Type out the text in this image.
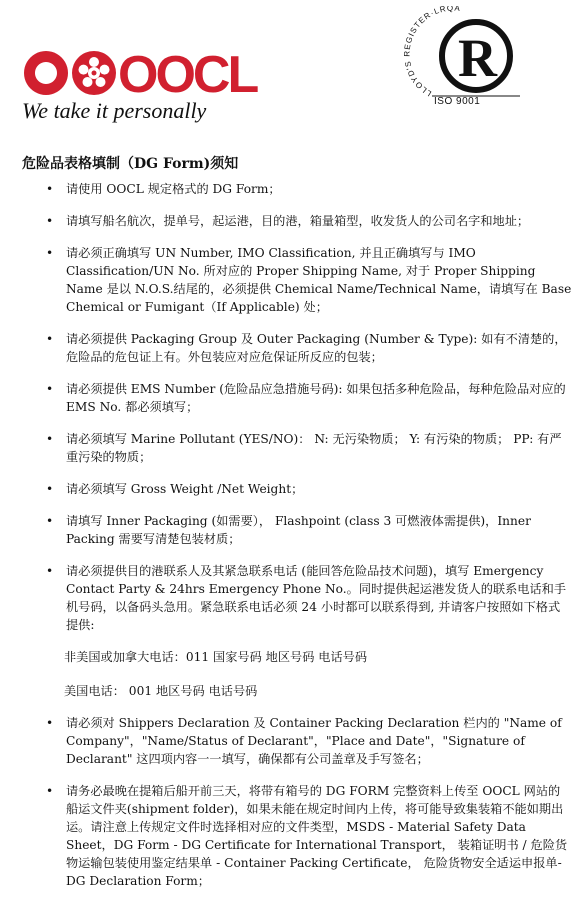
OOCL
We take it personally
LLOYD'S REGISTER·LRQA
R
ISO 9001
危险品表格填制（DG Form)须知
• 请使用 OOCL 规定格式的 DG Form；
• 请填写船名航次，提单号，起运港，目的港，箱量箱型，收发货人的公司名字和地址；
• 请必须正确填写 UN Number, IMO Classification, 并且正确填写与 IMO Classification/UN No. 所对应的 Proper Shipping Name, 对于 Proper Shipping Name 是以 N.O.S.结尾的，必须提供 Chemical Name/Technical Name，请填写在 Base Chemical or Fumigant（If Applicable) 处；
• 请必须提供 Packaging Group 及 Outer Packaging (Number & Type): 如有不清楚的，危险品的危包证上有。外包装应对应危保证所反应的包装；
• 请必须提供 EMS Number (危险品应急措施号码): 如果包括多种危险品，每种危险品对应的 EMS No. 都必须填写；
• 请必须填写 Marine Pollutant (YES/NO)： N: 无污染物质； Y: 有污染的物质； PP: 有严重污染的物质；
• 请必须填写 Gross Weight /Net Weight；
• 请填写 Inner Packaging (如需要）， Flashpoint (class 3 可燃液体需提供)，Inner Packing 需要写清楚包装材质；
• 请必须提供目的港联系人及其紧急联系电话 (能回答危险品技术问题)，填写 Emergency Contact Party & 24hrs Emergency Phone No.。同时提供起运港发货人的联系电话和手机号码，以备码头急用。紧急联系电话必须 24 小时都可以联系得到, 并请客户按照如下格式提供:
非美国或加拿大电话：011 国家号码 地区号码 电话号码
美国电话： 001 地区号码 电话号码
• 请必须对 Shippers Declaration 及 Container Packing Declaration 栏内的 "Name of Company"，"Name/Status of Declarant"，"Place and Date"，"Signature of Declarant" 这四项内容一一填写，确保都有公司盖章及手写签名；
• 请务必最晚在提箱后船开前三天，将带有箱号的 DG FORM 完整资料上传至 OOCL 网站的船运文件夹(shipment folder)，如果未能在规定时间内上传，将可能导致集装箱不能如期出运。请注意上传规定文件时选择相对应的文件类型，MSDS - Material Safety Data Sheet，DG Form - DG Certificate for International Transport， 装箱证明书 / 危险货物运输包装使用鉴定结果单 - Container Packing Certificate， 危险货物安全适运申报单- DG Declaration Form；
